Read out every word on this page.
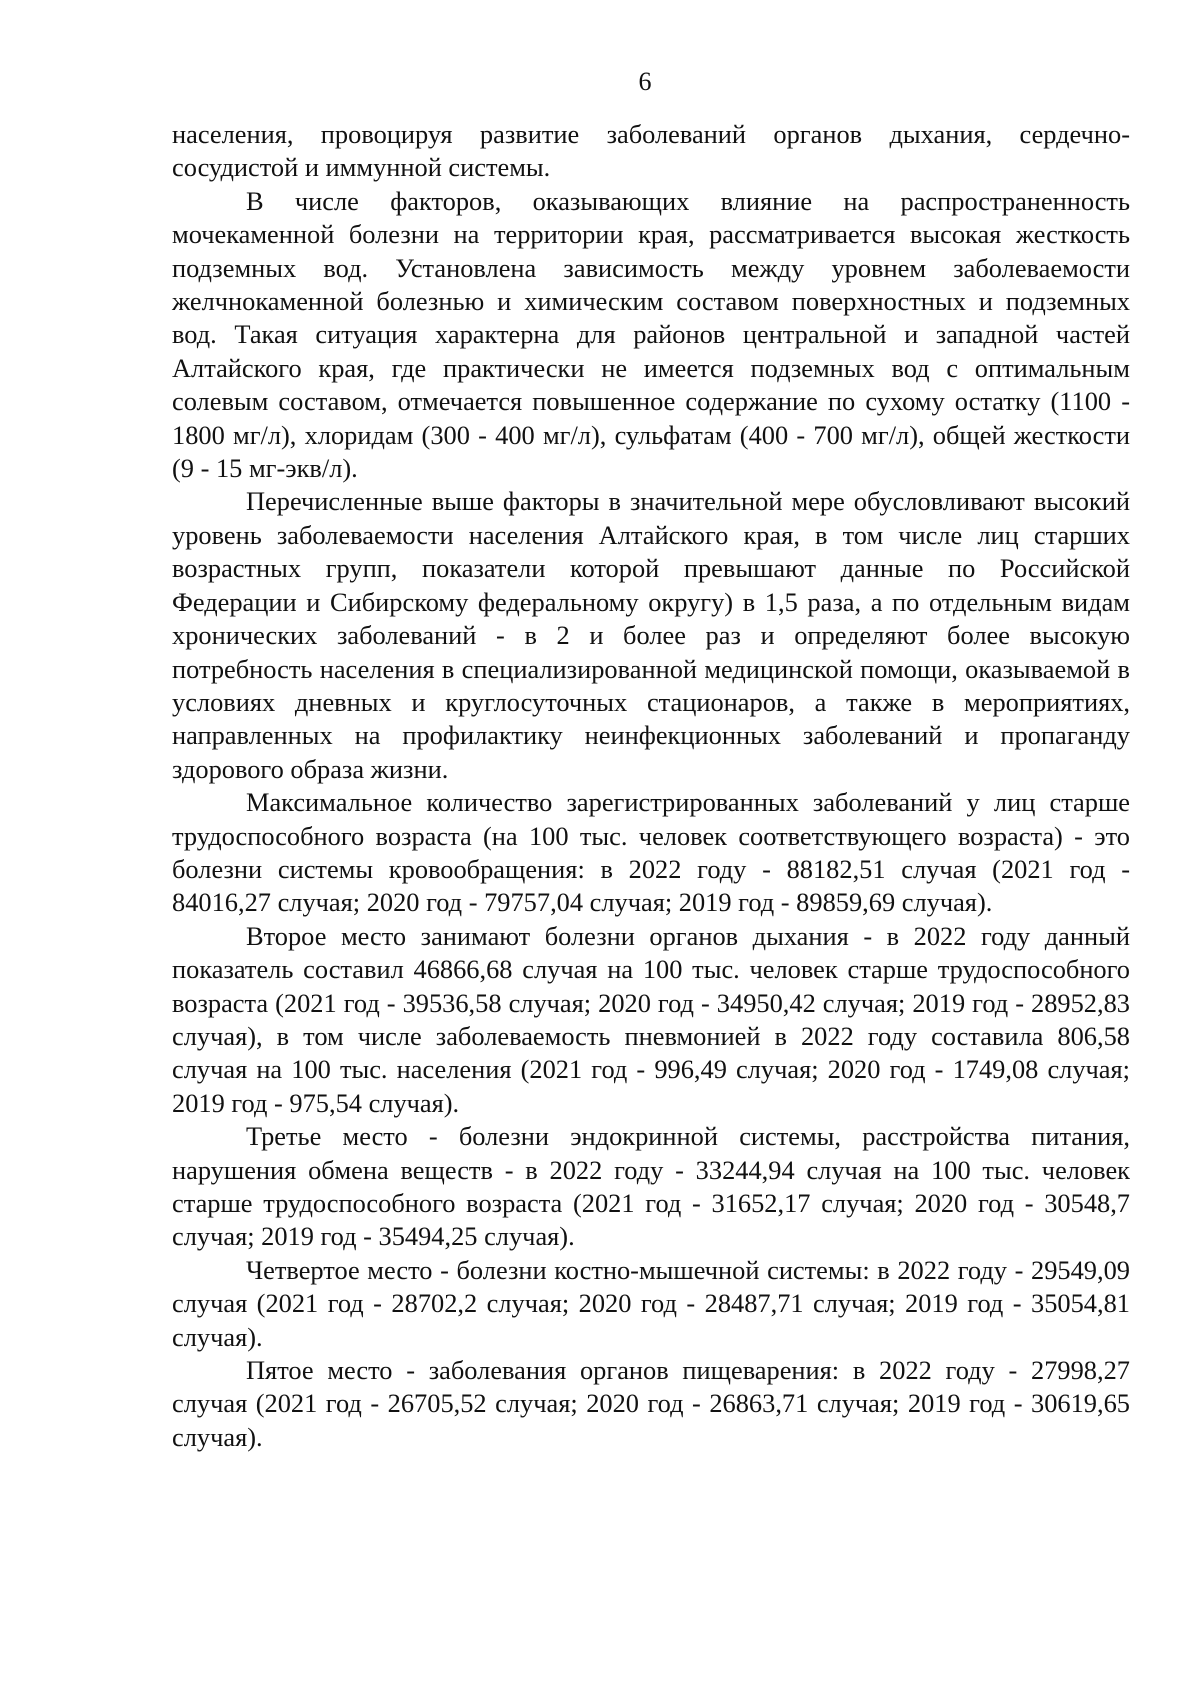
6

населения, провоцируя развитие заболеваний органов дыхания, сердечно-сосудистой и иммунной системы.

В числе факторов, оказывающих влияние на распространенность мочекаменной болезни на территории края, рассматривается высокая жесткость подземных вод. Установлена зависимость между уровнем заболеваемости желчнокаменной болезнью и химическим составом поверхностных и подземных вод. Такая ситуация характерна для районов центральной и западной частей Алтайского края, где практически не имеется подземных вод с оптимальным солевым составом, отмечается повышенное содержание по сухому остатку (1100 - 1800 мг/л), хлоридам (300 - 400 мг/л), сульфатам (400 - 700 мг/л), общей жесткости (9 - 15 мг-экв/л).

Перечисленные выше факторы в значительной мере обусловливают высокий уровень заболеваемости населения Алтайского края, в том числе лиц старших возрастных групп, показатели которой превышают данные по Российской Федерации и Сибирскому федеральному округу) в 1,5 раза, а по отдельным видам хронических заболеваний - в 2 и более раз и определяют более высокую потребность населения в специализированной медицинской помощи, оказываемой в условиях дневных и круглосуточных стационаров, а также в мероприятиях, направленных на профилактику неинфекционных заболеваний и пропаганду здорового образа жизни.

Максимальное количество зарегистрированных заболеваний у лиц старше трудоспособного возраста (на 100 тыс. человек соответствующего возраста) - это болезни системы кровообращения: в 2022 году - 88182,51 случая (2021 год - 84016,27 случая; 2020 год - 79757,04 случая; 2019 год - 89859,69 случая).

Второе место занимают болезни органов дыхания - в 2022 году данный показатель составил 46866,68 случая на 100 тыс. человек старше трудоспособного возраста (2021 год - 39536,58 случая; 2020 год - 34950,42 случая; 2019 год - 28952,83 случая), в том числе заболеваемость пневмонией в 2022 году составила 806,58 случая на 100 тыс. населения (2021 год - 996,49 случая; 2020 год - 1749,08 случая; 2019 год - 975,54 случая).

Третье место - болезни эндокринной системы, расстройства питания, нарушения обмена веществ - в 2022 году - 33244,94 случая на 100 тыс. человек старше трудоспособного возраста (2021 год - 31652,17 случая; 2020 год - 30548,7 случая; 2019 год - 35494,25 случая).

Четвертое место - болезни костно-мышечной системы: в 2022 году - 29549,09 случая (2021 год - 28702,2 случая; 2020 год - 28487,71 случая; 2019 год - 35054,81 случая).

Пятое место - заболевания органов пищеварения: в 2022 году - 27998,27 случая (2021 год - 26705,52 случая; 2020 год - 26863,71 случая; 2019 год - 30619,65 случая).
